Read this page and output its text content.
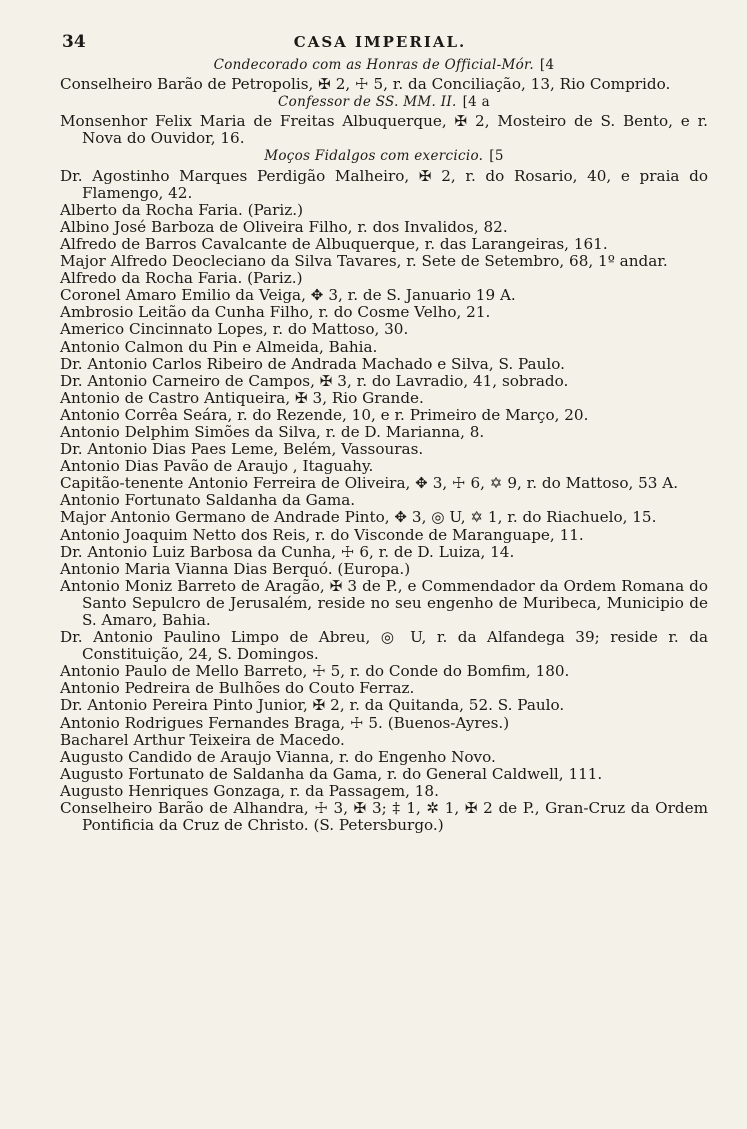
34	CASA IMPERIAL.
Condecorado com as Honras de Official-Mór. [4
Conselheiro Barão de Petropolis, ✠ 2, ☩ 5, r. da Conciliação, 13, Rio Comprido.
Confessor de SS. MM. II. [4 a
Monsenhor Felix Maria de Freitas Albuquerque, ✠ 2, Mosteiro de S. Bento, e r. Nova do Ouvidor, 16.
Moços Fidalgos com exercicio. [5
Dr. Agostinho Marques Perdigão Malheiro, ✠ 2, r. do Rosario, 40, e praia do Flamengo, 42.
Alberto da Rocha Faria. (Pariz.)
Albino José Barboza de Oliveira Filho, r. dos Invalidos, 82.
Alfredo de Barros Cavalcante de Albuquerque, r. das Larangeiras, 161.
Major Alfredo Deocleciano da Silva Tavares, r. Sete de Setembro, 68, 1º andar.
Alfredo da Rocha Faria. (Pariz.)
Coronel Amaro Emilio da Veiga, ✥ 3, r. de S. Januario 19 A.
Ambrosio Leitão da Cunha Filho, r. do Cosme Velho, 21.
Americo Cincinnato Lopes, r. do Mattoso, 30.
Antonio Calmon du Pin e Almeida, Bahia.
Dr. Antonio Carlos Ribeiro de Andrada Machado e Silva, S. Paulo.
Dr. Antonio Carneiro de Campos, ✠ 3, r. do Lavradio, 41, sobrado.
Antonio de Castro Antiqueira, ✠ 3, Rio Grande.
Antonio Corrêa Seára, r. do Rezende, 10, e r. Primeiro de Março, 20.
Antonio Delphim Simões da Silva, r. de D. Marianna, 8.
Dr. Antonio Dias Paes Leme, Belém, Vassouras.
Antonio Dias Pavão de Araujo , Itaguahy.
Capitão-tenente Antonio Ferreira de Oliveira, ✥ 3, ☩ 6, ✡ 9, r. do Mattoso, 53 A.
Antonio Fortunato Saldanha da Gama.
Major Antonio Germano de Andrade Pinto, ✥ 3, ◎ U, ✡ 1, r. do Riachuelo, 15.
Antonio Joaquim Netto dos Reis, r. do Visconde de Maranguape, 11.
Dr. Antonio Luiz Barbosa da Cunha, ☩ 6, r. de D. Luiza, 14.
Antonio Maria Vianna Dias Berquó. (Europa.)
Antonio Moniz Barreto de Aragão, ✠ 3 de P., e Commendador da Ordem Romana do Santo Sepulcro de Jerusalém, reside no seu engenho de Muribeca, Municipio de S. Amaro, Bahia.
Dr. Antonio Paulino Limpo de Abreu, ◎ U, r. da Alfandega 39; reside r. da Constituição, 24, S. Domingos.
Antonio Paulo de Mello Barreto, ☩ 5, r. do Conde do Bomfim, 180.
Antonio Pedreira de Bulhões do Couto Ferraz.
Dr. Antonio Pereira Pinto Junior, ✠ 2, r. da Quitanda, 52. S. Paulo.
Antonio Rodrigues Fernandes Braga, ☩ 5. (Buenos-Ayres.)
Bacharel Arthur Teixeira de Macedo.
Augusto Candido de Araujo Vianna, r. do Engenho Novo.
Augusto Fortunato de Saldanha da Gama, r. do General Caldwell, 111.
Augusto Henriques Gonzaga, r. da Passagem, 18.
Conselheiro Barão de Alhandra, ☩ 3, ✠ 3; ‡ 1, ✲ 1, ✠ 2 de P., Gran-Cruz da Ordem Pontificia da Cruz de Christo. (S. Petersburgo.)
